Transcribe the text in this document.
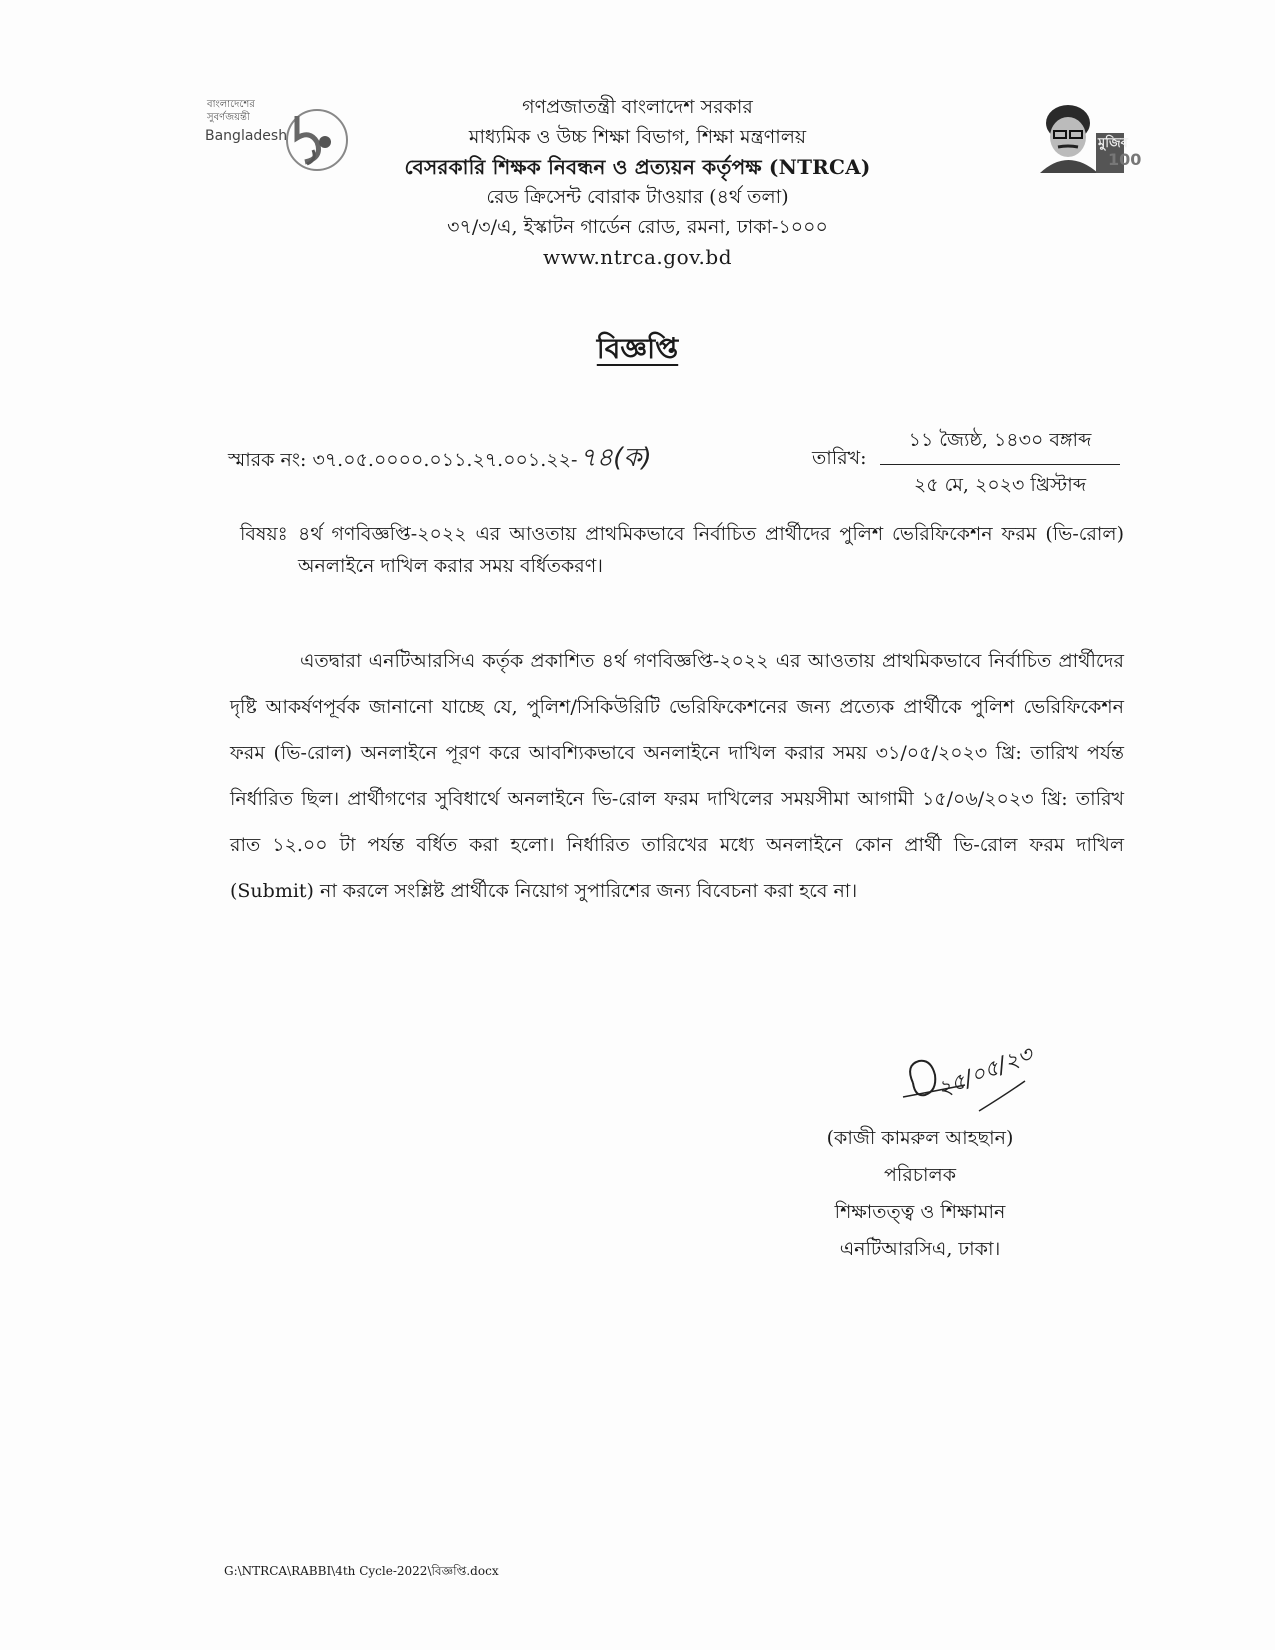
বাংলাদেশের সুবর্ণজয়ন্তী
Bangladesh
100
মুজিব
গণপ্রজাতন্ত্রী বাংলাদেশ সরকার
মাধ্যমিক ও উচ্চ শিক্ষা বিভাগ, শিক্ষা মন্ত্রণালয়
বেসরকারি শিক্ষক নিবন্ধন ও প্রত্যয়ন কর্তৃপক্ষ (NTRCA)
রেড ক্রিসেন্ট বোরাক টাওয়ার (৪র্থ তলা)
৩৭/৩/এ, ইস্কাটন গার্ডেন রোড, রমনা, ঢাকা-১০০০
www.ntrca.gov.bd
বিজ্ঞপ্তি
স্মারক নং: ৩৭.০৫.০০০০.০১১.২৭.০০১.২২-৭৪(ক)	তারিখ:
১১ জ্যৈষ্ঠ, ১৪৩০ বঙ্গাব্দ
২৫ মে, ২০২৩ খ্রিস্টাব্দ
বিষয়ঃ ৪র্থ গণবিজ্ঞপ্তি-২০২২ এর আওতায় প্রাথমিকভাবে নির্বাচিত প্রার্থীদের পুলিশ ভেরিফিকেশন ফরম (ভি-রোল) অনলাইনে দাখিল করার সময় বর্ধিতকরণ।
এতদ্বারা এনটিআরসিএ কর্তৃক প্রকাশিত ৪র্থ গণবিজ্ঞপ্তি-২০২২ এর আওতায় প্রাথমিকভাবে নির্বাচিত প্রার্থীদের দৃষ্টি আকর্ষণপূর্বক জানানো যাচ্ছে যে, পুলিশ/সিকিউরিটি ভেরিফিকেশনের জন্য প্রত্যেক প্রার্থীকে পুলিশ ভেরিফিকেশন ফরম (ভি-রোল) অনলাইনে পূরণ করে আবশ্যিকভাবে অনলাইনে দাখিল করার সময় ৩১/০৫/২০২৩ খ্রি: তারিখ পর্যন্ত নির্ধারিত ছিল। প্রার্থীগণের সুবিধার্থে অনলাইনে ভি-রোল ফরম দাখিলের সময়সীমা আগামী ১৫/০৬/২০২৩ খ্রি: তারিখ রাত ১২.০০ টা পর্যন্ত বর্ধিত করা হলো। নির্ধারিত তারিখের মধ্যে অনলাইনে কোন প্রার্থী ভি-রোল ফরম দাখিল (Submit) না করলে সংশ্লিষ্ট প্রার্থীকে নিয়োগ সুপারিশের জন্য বিবেচনা করা হবে না।
২৫/০৫/২৩
(কাজী কামরুল আহছান)
পরিচালক
শিক্ষাতত্ত্ব ও শিক্ষামান
এনটিআরসিএ, ঢাকা।
G:\NTRCA\RABBI\4th Cycle-2022\বিজ্ঞপ্তি.docx
